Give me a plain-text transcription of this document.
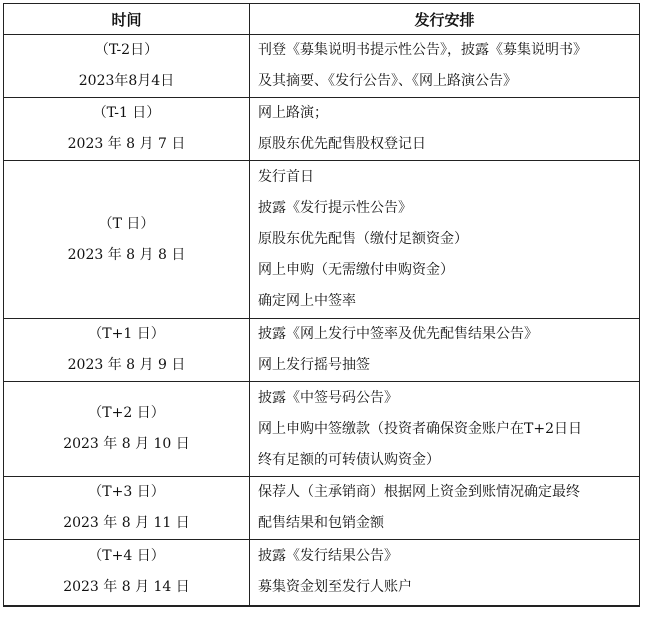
时间	发行安排

（T-2日）
2023年8月4日	刊登《募集说明书提示性公告》，披露《募集说明书》
及其摘要、《发行公告》、《网上路演公告》

（T-1 日）
2023 年 8 月 7 日	网上路演；
原股东优先配售股权登记日

（T 日）
2023 年 8 月 8 日	发行首日
披露《发行提示性公告》
原股东优先配售（缴付足额资金）
网上申购（无需缴付申购资金）
确定网上中签率

（T+1 日）
2023 年 8 月 9 日	披露《网上发行中签率及优先配售结果公告》
网上发行摇号抽签

（T+2 日）
2023 年 8 月 10 日	披露《中签号码公告》
网上申购中签缴款（投资者确保资金账户在T+2日日
终有足额的可转债认购资金）

（T+3 日）
2023 年 8 月 11 日	保荐人（主承销商）根据网上资金到账情况确定最终
配售结果和包销金额

（T+4 日）
2023 年 8 月 14 日	披露《发行结果公告》
募集资金划至发行人账户
